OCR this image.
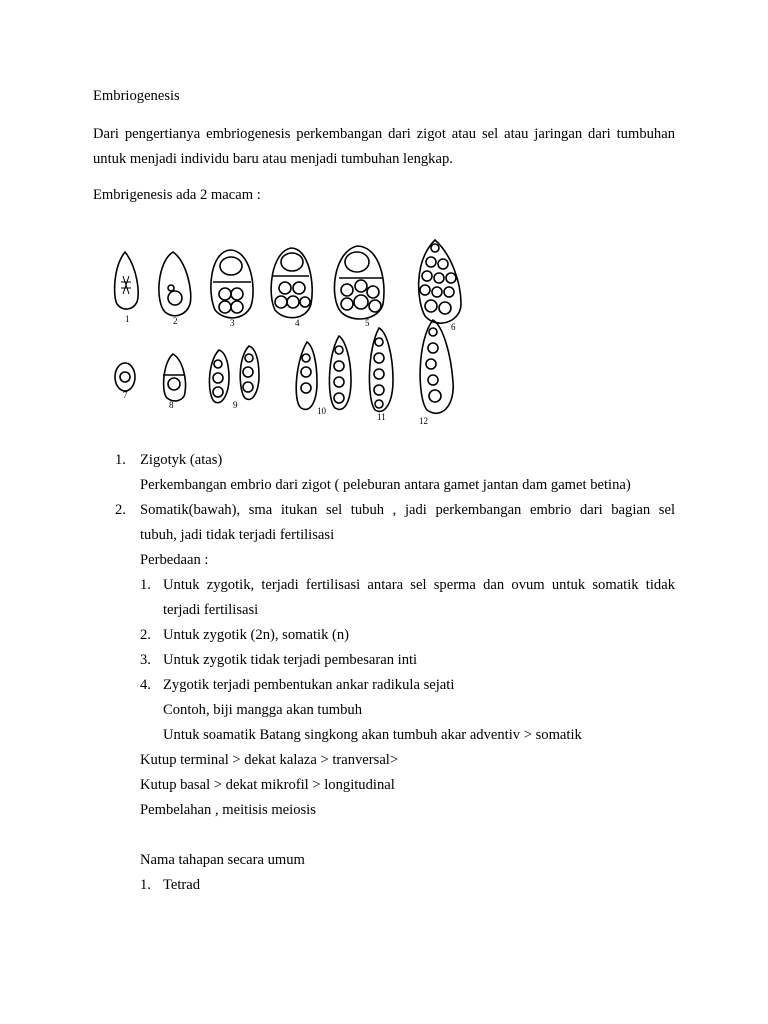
Embriogenesis
Dari pengertianya embriogenesis perkembangan dari zigot atau sel atau jaringan dari tumbuhan untuk menjadi individu baru atau menjadi tumbuhan lengkap.
Embrigenesis ada 2 macam :
1	2	3	4	5	6
7
8	9
10
11	12
1. Zigotyk (atas)
Perkembangan embrio dari zigot ( peleburan antara gamet jantan dam gamet betina)
2. Somatik(bawah), sma itukan sel tubuh , jadi perkembangan embrio dari bagian sel
tubuh, jadi tidak terjadi fertilisasi
Perbedaan :
1. Untuk zygotik, terjadi fertilisasi antara sel sperma dan ovum untuk somatik tidak
terjadi fertilisasi
2. Untuk zygotik (2n), somatik (n)
3. Untuk zygotik tidak terjadi pembesaran inti
4. Zygotik terjadi pembentukan ankar radikula sejati
Contoh, biji mangga akan tumbuh
Untuk soamatik Batang singkong akan tumbuh akar adventiv > somatik
Kutup terminal > dekat kalaza > tranversal>
Kutup basal > dekat mikrofil > longitudinal
Pembelahan , meitisis meiosis
Nama tahapan secara umum
1. Tetrad
